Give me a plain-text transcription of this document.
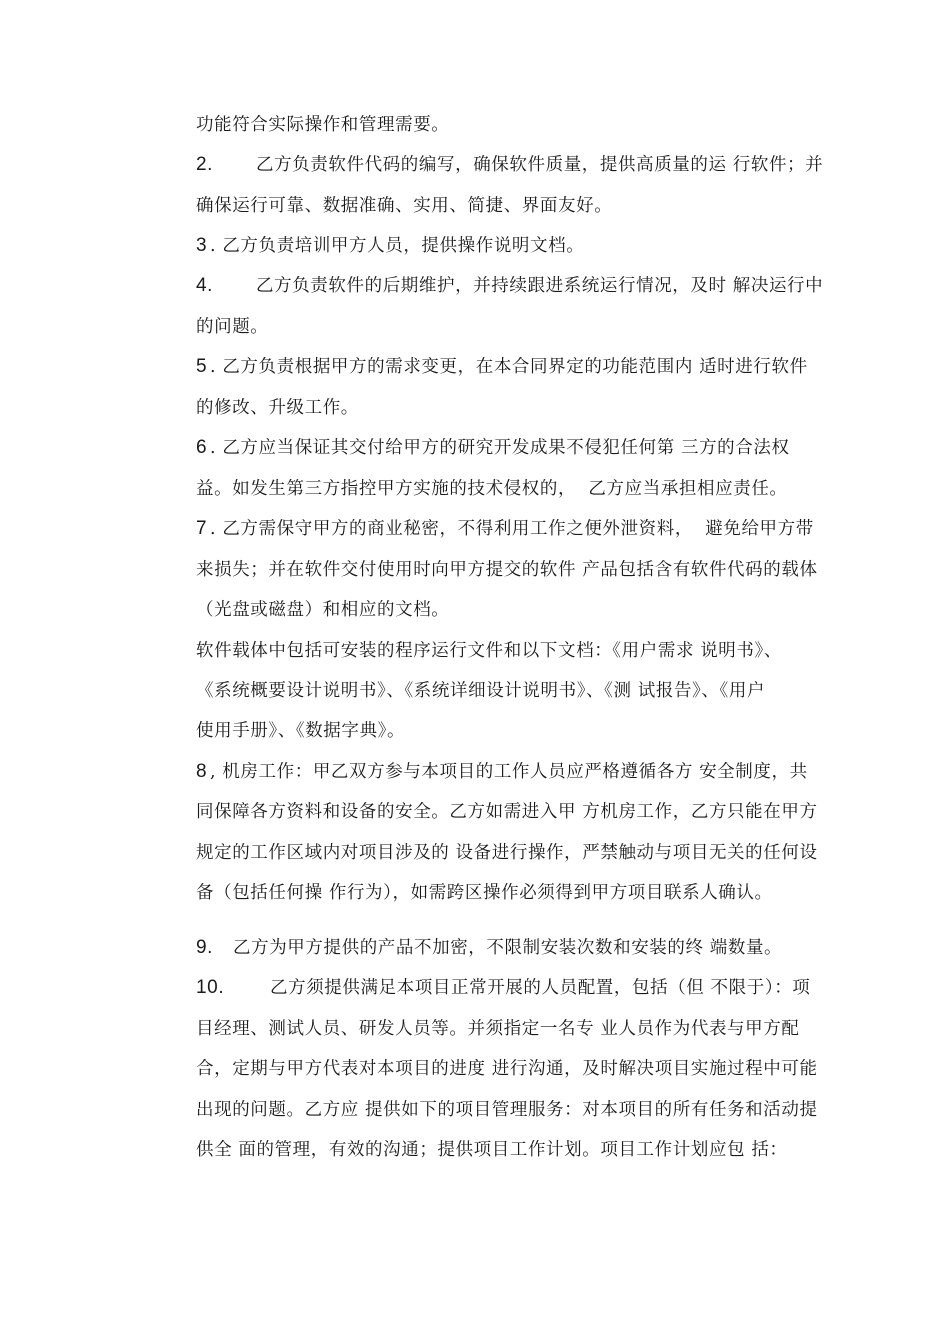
功能符合实际操作和管理需要。
2. 乙方负责软件代码的编写，确保软件质量，提供高质量的运 行软件；并
确保运行可靠、数据准确、实用、简捷、界面友好。
3 . 乙方负责培训甲方人员，提供操作说明文档。
4. 乙方负责软件的后期维护，并持续跟进系统运行情况，及时 解决运行中
的问题。
5 . 乙方负责根据甲方的需求变更，在本合同界定的功能范围内 适时进行软件
的修改、升级工作。
6 . 乙方应当保证其交付给甲方的研究开发成果不侵犯任何第 三方的合法权
益。如发生第三方指控甲方实施的技术侵权的，  乙方应当承担相应责任。
7 . 乙方需保守甲方的商业秘密，不得利用工作之便外泄资料，  避免给甲方带
来损失；并在软件交付使用时向甲方提交的软件 产品包括含有软件代码的载体
（光盘或磁盘）和相应的文档。
软件载体中包括可安装的程序运行文件和以下文档：《用户需求 说明书》、
《系统概要设计说明书》、《系统详细设计说明书》、《测 试报告》、《用户
使用手册》、《数据字典》。
8 , 机房工作：甲乙双方参与本项目的工作人员应严格遵循各方 安全制度，共
同保障各方资料和设备的安全。乙方如需进入甲 方机房工作，乙方只能在甲方
规定的工作区域内对项目涉及的 设备进行操作，严禁触动与项目无关的任何设
备（包括任何操 作行为），如需跨区操作必须得到甲方项目联系人确认。
9. 乙方为甲方提供的产品不加密，不限制安装次数和安装的终 端数量。
10.	乙方须提供满足本项目正常开展的人员配置，包括（但 不限于）：项
目经理、测试人员、研发人员等。并须指定一名专 业人员作为代表与甲方配
合，定期与甲方代表对本项目的进度 进行沟通，及时解决项目实施过程中可能
出现的问题。乙方应 提供如下的项目管理服务：对本项目的所有任务和活动提
供全 面的管理，有效的沟通；提供项目工作计划。项目工作计划应包 括：
